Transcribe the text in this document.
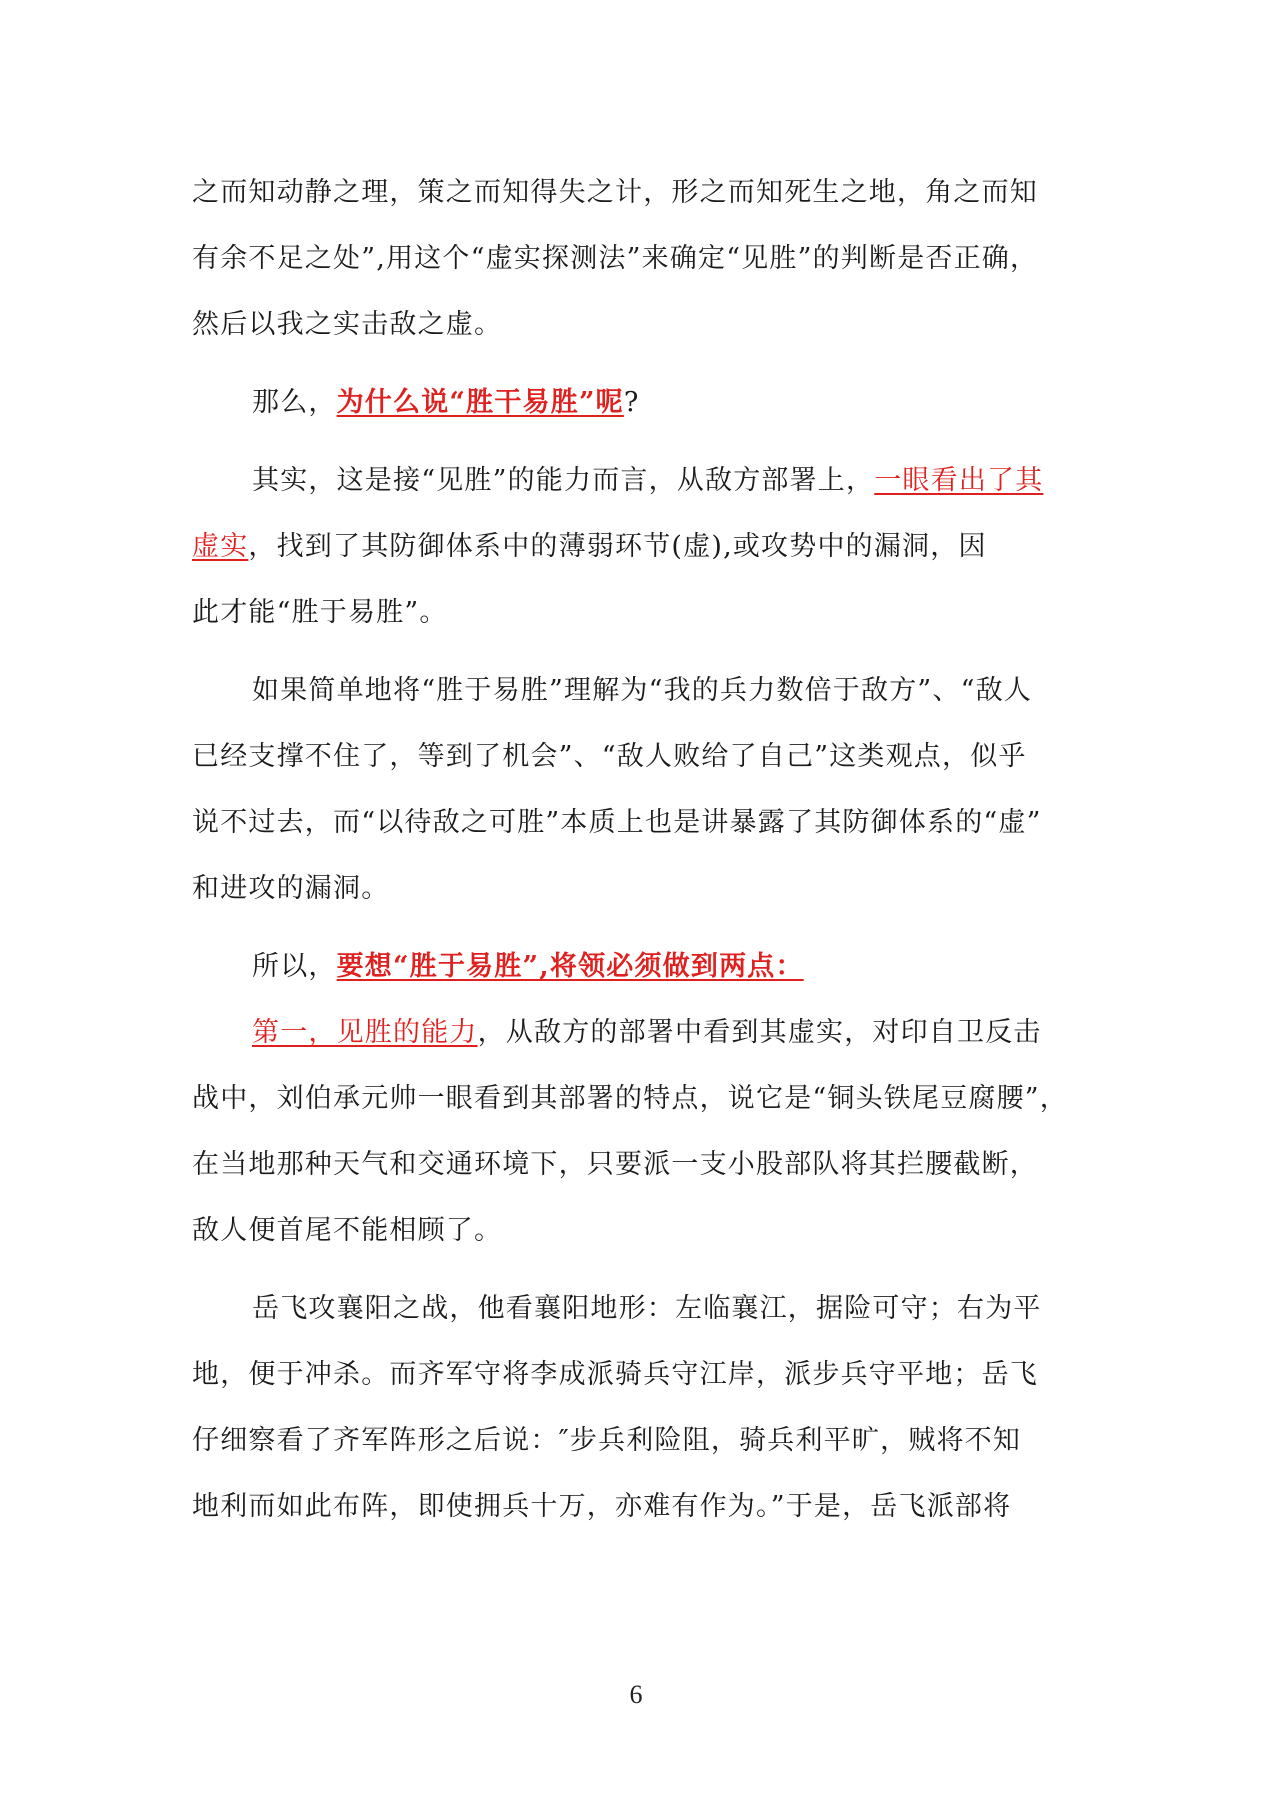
之而知动静之理，策之而知得失之计，形之而知死生之地，角之而知
有余不足之处”,用这个“虚实探测法”来确定“见胜”的判断是否正确，
然后以我之实击敌之虚。
那么，为什么说“胜干易胜”呢?
其实，这是接“见胜”的能力而言，从敌方部署上，一眼看出了其
虚实，找到了其防御体系中的薄弱环节(虚),或攻势中的漏洞，因
此才能“胜于易胜”。
如果简单地将“胜于易胜”理解为“我的兵力数倍于敌方”、“敌人
已经支撑不住了，等到了机会”、“敌人败给了自己”这类观点，似乎
说不过去，而“以待敌之可胜”本质上也是讲暴露了其防御体系的“虚”
和进攻的漏洞。
所以，要想“胜于易胜”,将领必须做到两点：
第一，见胜的能力，从敌方的部署中看到其虚实，对印自卫反击
战中，刘伯承元帅一眼看到其部署的特点，说它是“铜头铁尾豆腐腰”，
在当地那种天气和交通环境下，只要派一支小股部队将其拦腰截断，
敌人便首尾不能相顾了。
岳飞攻襄阳之战，他看襄阳地形：左临襄江，据险可守；右为平
地，便于冲杀。而齐军守将李成派骑兵守江岸，派步兵守平地；岳飞
仔细察看了齐军阵形之后说：″步兵利险阻，骑兵利平旷，贼将不知
地利而如此布阵，即使拥兵十万，亦难有作为。”于是，岳飞派部将
6
